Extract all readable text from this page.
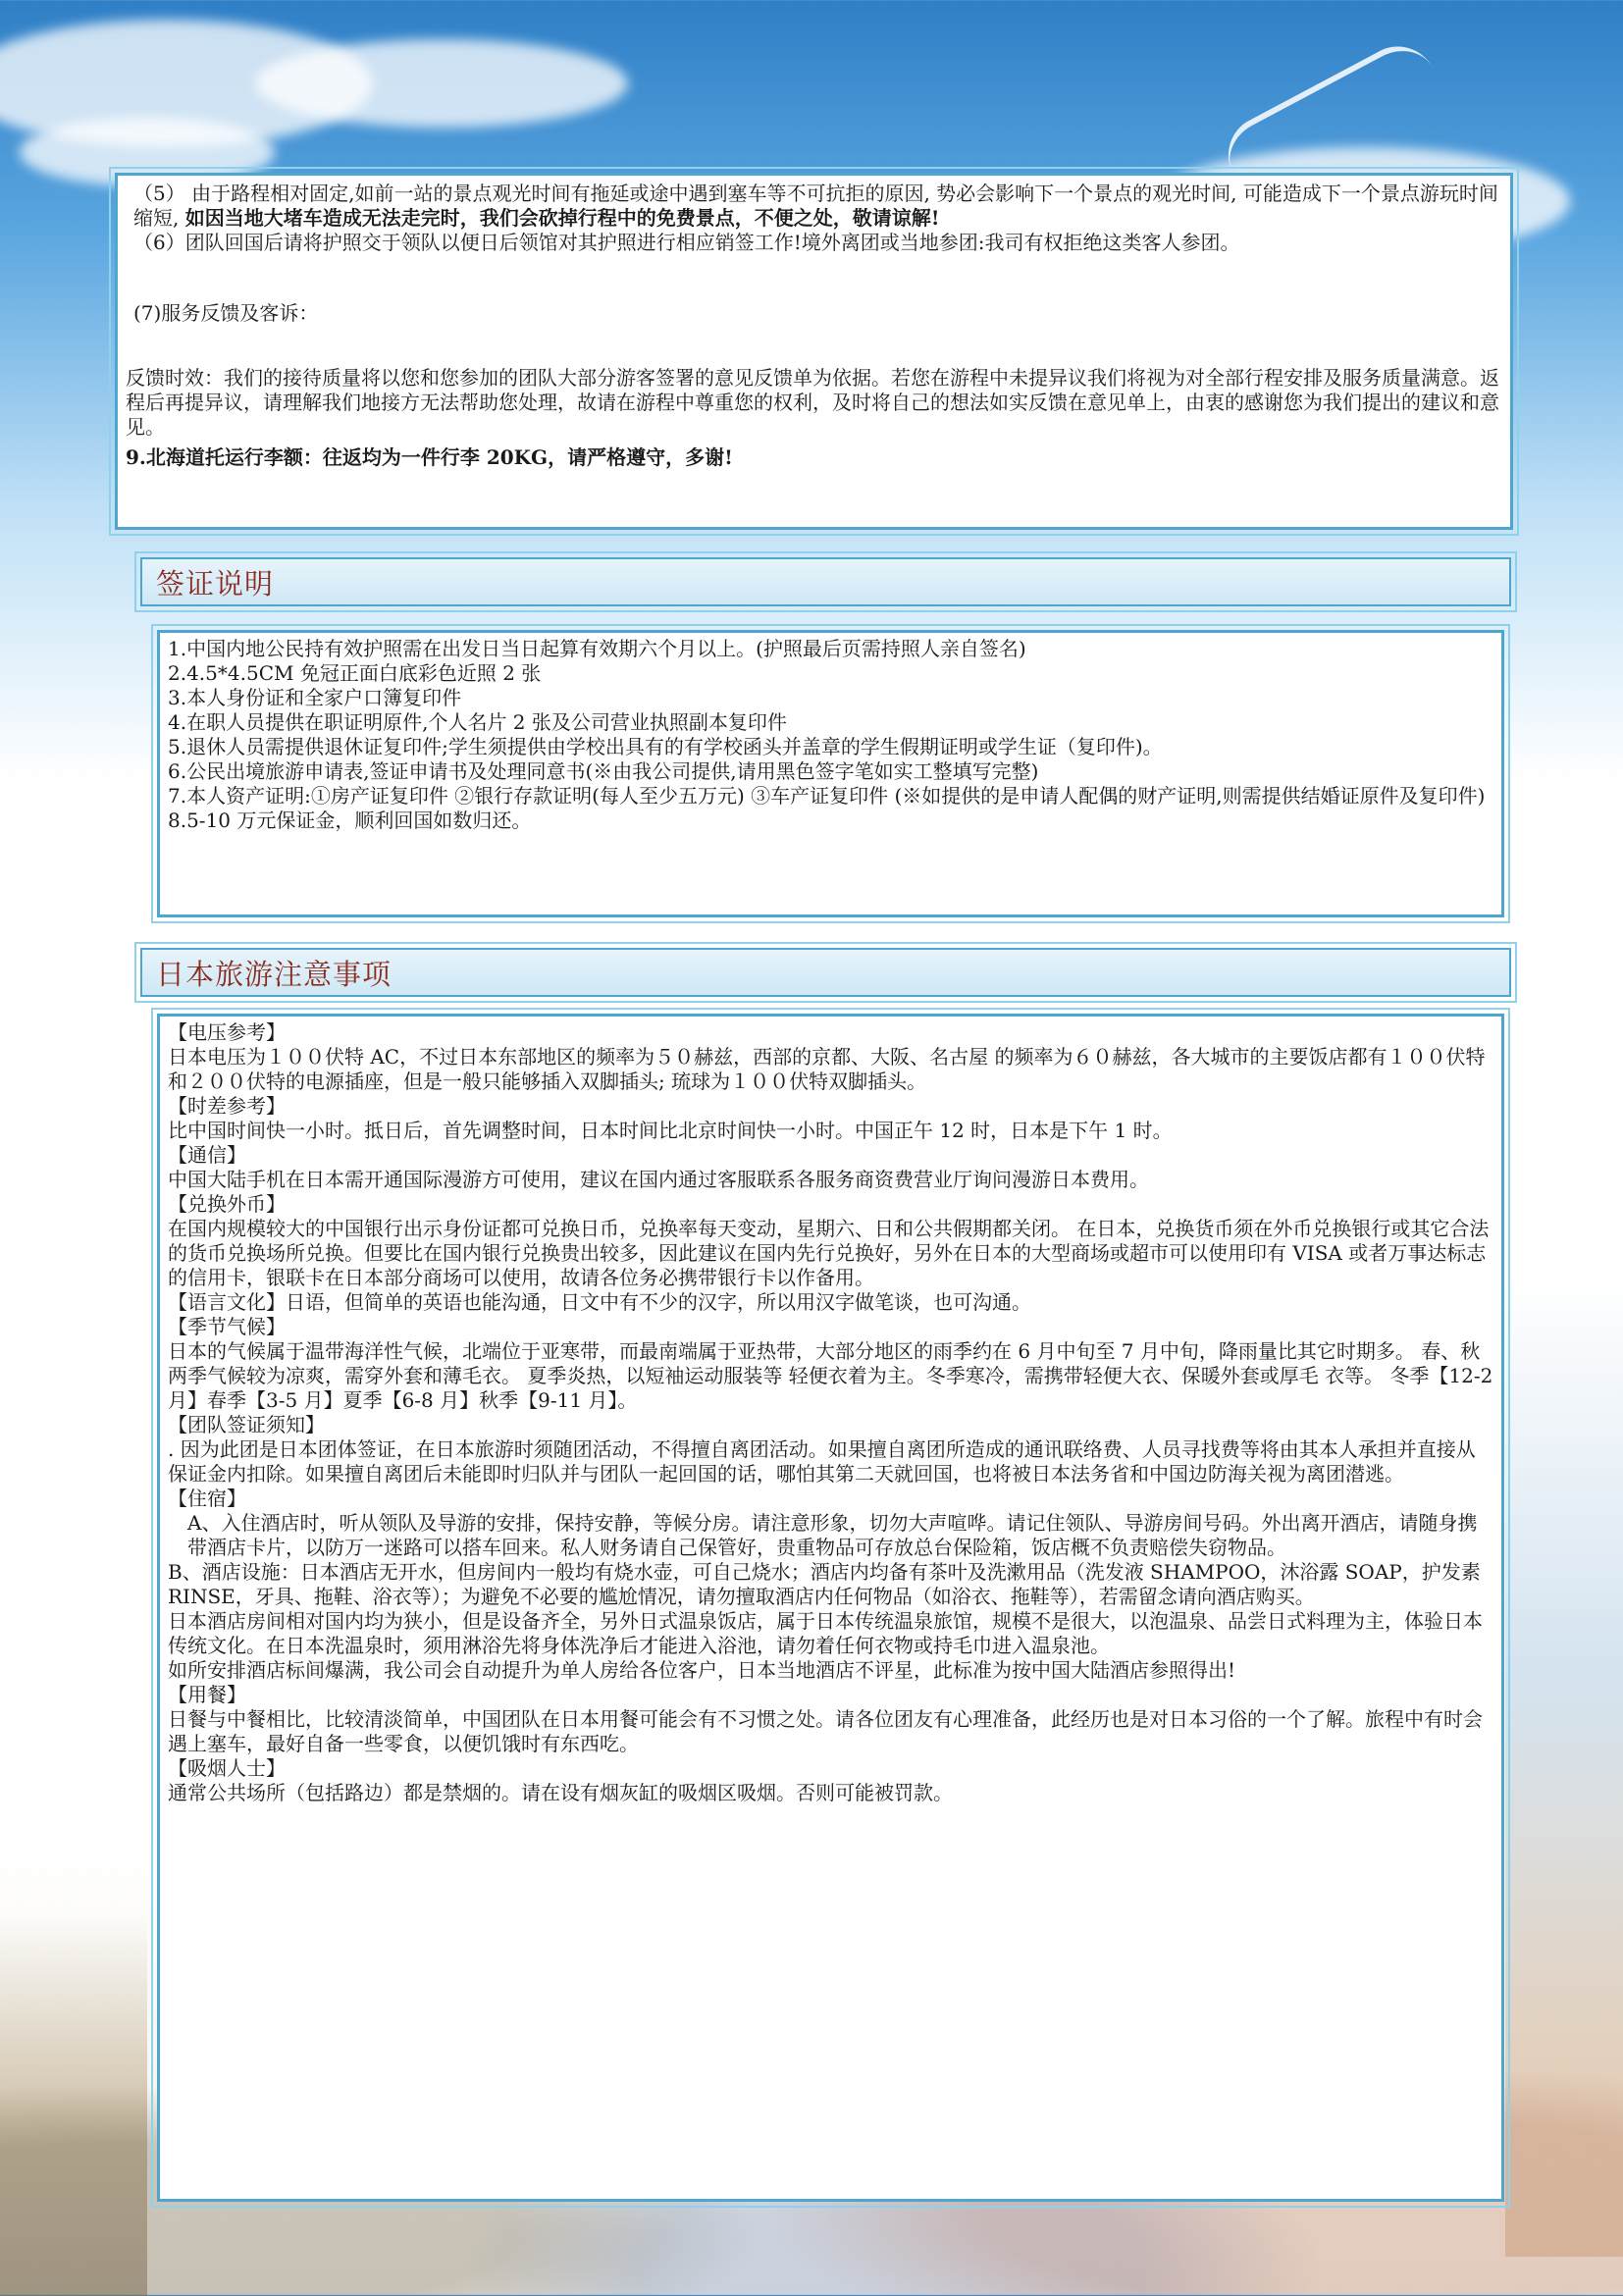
（5） 由于路程相对固定,如前一站的景点观光时间有拖延或途中遇到塞车等不可抗拒的原因, 势必会影响下一个景点的观光时间, 可能造成下一个景点游玩时间缩短, 如因当地大堵车造成无法走完时，我们会砍掉行程中的免费景点，不便之处，敬请谅解!

（6）团队回国后请将护照交于领队以便日后领馆对其护照进行相应销签工作!境外离团或当地参团:我司有权拒绝这类客人参团。

(7)服务反馈及客诉：

反馈时效：我们的接待质量将以您和您参加的团队大部分游客签署的意见反馈单为依据。若您在游程中未提异议我们将视为对全部行程安排及服务质量满意。返程后再提异议，请理解我们地接方无法帮助您处理，故请在游程中尊重您的权利，及时将自己的想法如实反馈在意见单上，由衷的感谢您为我们提出的建议和意见。

9.北海道托运行李额：往返均为一件行李 20KG，请严格遵守，多谢!

签证说明

1.中国内地公民持有效护照需在出发日当日起算有效期六个月以上。(护照最后页需持照人亲自签名)

2.4.5*4.5CM 免冠正面白底彩色近照 2 张

3.本人身份证和全家户口簿复印件

4.在职人员提供在职证明原件,个人名片 2 张及公司营业执照副本复印件

5.退休人员需提供退休证复印件;学生须提供由学校出具有的有学校函头并盖章的学生假期证明或学生证（复印件)。

6.公民出境旅游申请表,签证申请书及处理同意书(※由我公司提供,请用黑色签字笔如实工整填写完整)

7.本人资产证明:①房产证复印件 ②银行存款证明(每人至少五万元) ③车产证复印件 (※如提供的是申请人配偶的财产证明,则需提供结婚证原件及复印件)

8.5-10 万元保证金，顺利回国如数归还。

日本旅游注意事项

【电压参考】

日本电压为１００伏特 AC，不过日本东部地区的频率为５０赫兹，西部的京都、大阪、名古屋 的频率为６０赫兹，各大城市的主要饭店都有１００伏特和２００伏特的电源插座，但是一般只能够插入双脚插头; 琉球为１００伏特双脚插头。

【时差参考】

比中国时间快一小时。抵日后，首先调整时间，日本时间比北京时间快一小时。中国正午 12 时，日本是下午 1 时。

【通信】

中国大陆手机在日本需开通国际漫游方可使用，建议在国内通过客服联系各服务商资费营业厅询问漫游日本费用。

【兑换外币】

在国内规模较大的中国银行出示身份证都可兑换日币，兑换率每天变动，星期六、日和公共假期都关闭。 在日本，兑换货币须在外币兑换银行或其它合法的货币兑换场所兑换。但要比在国内银行兑换贵出较多，因此建议在国内先行兑换好，另外在日本的大型商场或超市可以使用印有 VISA 或者万事达标志的信用卡，银联卡在日本部分商场可以使用，故请各位务必携带银行卡以作备用。

【语言文化】日语，但简单的英语也能沟通，日文中有不少的汉字，所以用汉字做笔谈，也可沟通。

【季节气候】

日本的气候属于温带海洋性气候，北端位于亚寒带，而最南端属于亚热带，大部分地区的雨季约在 6 月中旬至 7 月中旬，降雨量比其它时期多。 春、秋两季气候较为凉爽，需穿外套和薄毛衣。 夏季炎热，以短袖运动服装等 轻便衣着为主。冬季寒冷，需携带轻便大衣、保暖外套或厚毛 衣等。 冬季【12-2 月】春季【3-5 月】夏季【6-8 月】秋季【9-11 月】。

【团队签证须知】

. 因为此团是日本团体签证，在日本旅游时须随团活动，不得擅自离团活动。如果擅自离团所造成的通讯联络费、人员寻找费等将由其本人承担并直接从保证金内扣除。如果擅自离团后未能即时归队并与团队一起回国的话，哪怕其第二天就回国，也将被日本法务省和中国边防海关视为离团潜逃。

【住宿】

A、入住酒店时，听从领队及导游的安排，保持安静，等候分房。请注意形象，切勿大声喧哗。请记住领队、导游房间号码。外出离开酒店，请随身携带酒店卡片，以防万一迷路可以搭车回来。私人财务请自己保管好，贵重物品可存放总台保险箱，饭店概不负责赔偿失窃物品。

B、酒店设施：日本酒店无开水，但房间内一般均有烧水壶，可自己烧水；酒店内均备有茶叶及洗漱用品（洗发液 SHAMPOO，沐浴露 SOAP，护发素 RINSE，牙具、拖鞋、浴衣等）；为避免不必要的尴尬情况，请勿擅取酒店内任何物品（如浴衣、拖鞋等），若需留念请向酒店购买。

日本酒店房间相对国内均为狭小，但是设备齐全，另外日式温泉饭店，属于日本传统温泉旅馆，规模不是很大，以泡温泉、品尝日式料理为主，体验日本传统文化。在日本洗温泉时，须用淋浴先将身体洗净后才能进入浴池，请勿着任何衣物或持毛巾进入温泉池。

如所安排酒店标间爆满，我公司会自动提升为单人房给各位客户，日本当地酒店不评星，此标准为按中国大陆酒店参照得出!

【用餐】

日餐与中餐相比，比较清淡简单，中国团队在日本用餐可能会有不习惯之处。请各位团友有心理准备，此经历也是对日本习俗的一个了解。旅程中有时会遇上塞车，最好自备一些零食，以便饥饿时有东西吃。

【吸烟人士】

通常公共场所（包括路边）都是禁烟的。请在设有烟灰缸的吸烟区吸烟。否则可能被罚款。
